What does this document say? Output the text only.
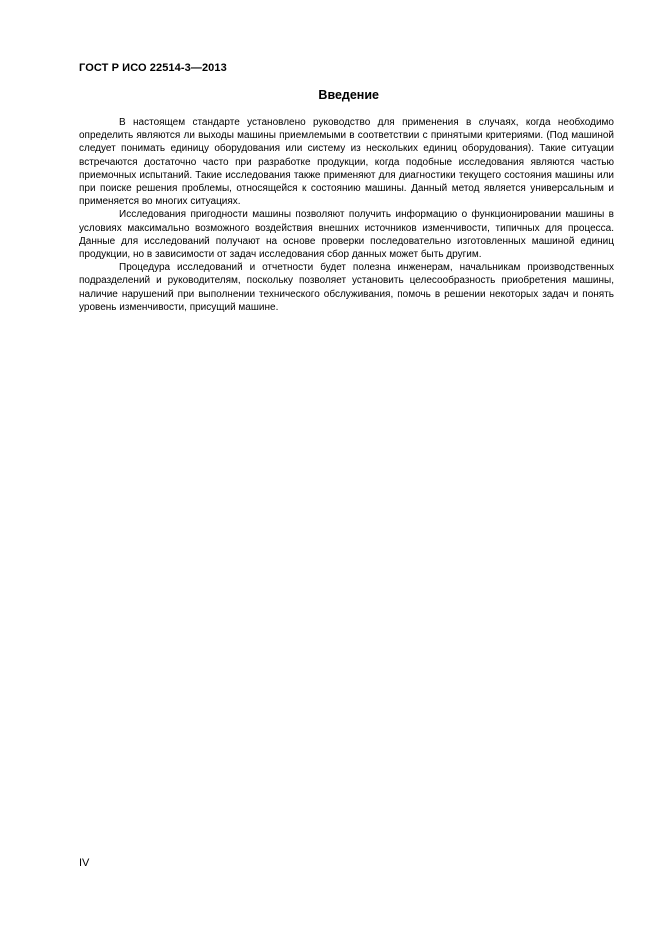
ГОСТ Р ИСО 22514-3—2013
Введение

В настоящем стандарте установлено руководство для применения в случаях, когда необходимо определить являются ли выходы машины приемлемыми в соответствии с принятыми критериями. (Под машиной следует понимать единицу оборудования или систему из нескольких единиц оборудования). Такие ситуации встречаются достаточно часто при разработке продукции, когда подобные исследования являются частью приемочных испытаний. Такие исследования также применяют для диагностики текущего состояния машины или при поиске решения проблемы, относящейся к состоянию машины. Данный метод является универсальным и применяется во многих ситуациях.

Исследования пригодности машины позволяют получить информацию о функционировании машины в условиях максимально возможного воздействия внешних источников изменчивости, типичных для процесса. Данные для исследований получают на основе проверки последовательно изготовленных машиной единиц продукции, но в зависимости от задач исследования сбор данных может быть другим.

Процедура исследований и отчетности будет полезна инженерам, начальникам производственных подразделений и руководителям, поскольку позволяет установить целесообразность приобретения машины, наличие нарушений при выполнении технического обслуживания, помочь в решении некоторых задач и понять уровень изменчивости, присущий машине.

IV
